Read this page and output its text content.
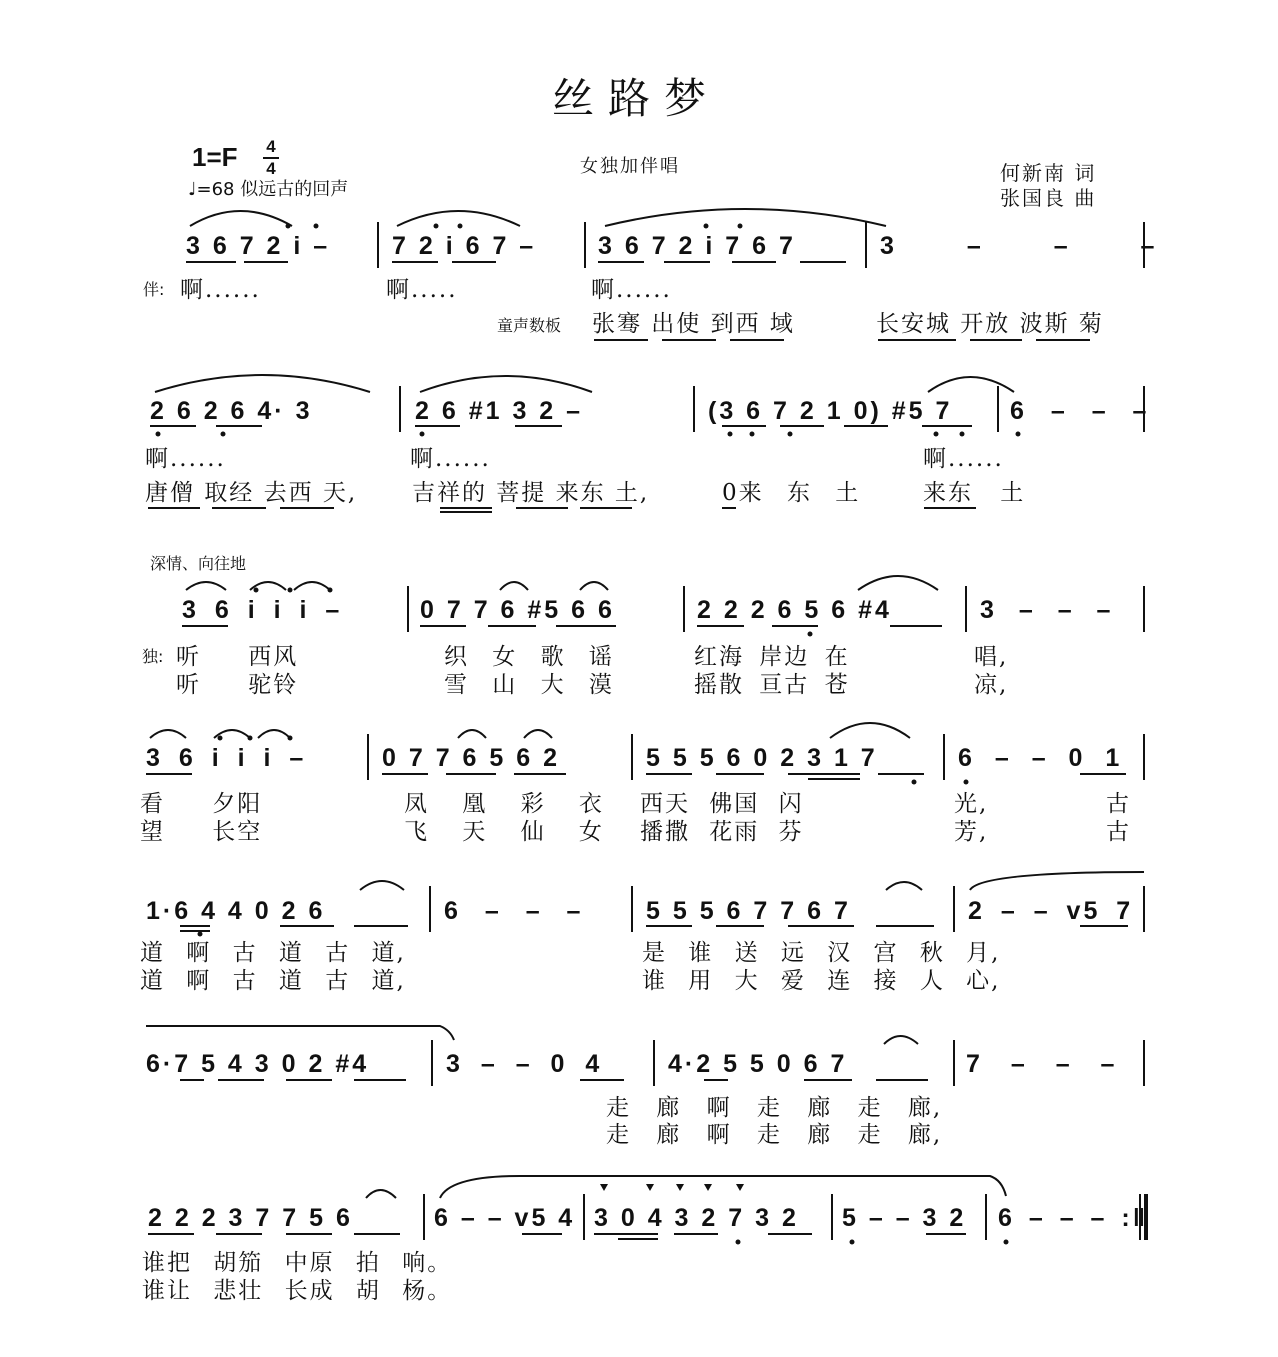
丝路梦
1=F 4
4
♩=68 似远古的回声
女独加伴唱	何新南 词
张国良 曲
3 6 7 2 i – 7 2 i 6 7 – 3 6 7 2 i 7 6 7	3 – – –
伴: 啊......	啊.....	啊......
童声数板 张骞 出使 到西 域	长安城 开放 波斯 菊
2 6 2 6 4· 3	2 6 #1 3 2 –	(3 6 7 2 1 0) #5 7 6 – – –
啊......	啊......	啊......
唐僧 取经 去西 天, 吉祥的 菩提 来东 土,	0来 东 土	来东 土
深情、向往地
3 6 i i i –	0 7 7 6 #5 6 6	2 2 2 6 5 6 #4	3 – – –
独: 听 西风	织 女 歌 谣	红海 岸边 在	唱,
听 驼铃	雪 山 大 漠	摇散 亘古 苍	凉,
3 6 i i i –	0 7 7 6 5 6 2	5 5 5 6 0 2 3 1 7	6 – – 0 1
看 夕阳	凤 凰 彩 衣 西天 佛国 闪	光,	古
望 长空	飞 天 仙 女 播撒 花雨 芬	芳,	古
1·6 4 4 0 2 6	6 – – –	5 5 5 6 7 7 6 7	2 – – v5 7
道 啊 古 道 古 道,	是 谁 送 远 汉 宫 秋 月,
道 啊 古 道 古 道,	谁 用 大 爱 连 接 人 心,
6·7 5 4 3 0 2 #4	3 – – 0 4	4·2 5 5 0 6 7	7 – – –
走 廊 啊 走 廊 走 廊,
走 廊 啊 走 廊 走 廊,
2 2 2 3 7 7 5 6	6 – – v5 4 3 0 4 3 2 7 3 2 5 – – 3 2 6 – – – :‖
谁把 胡笳 中原 拍 响。
谁让 悲壮 长成 胡 杨。
